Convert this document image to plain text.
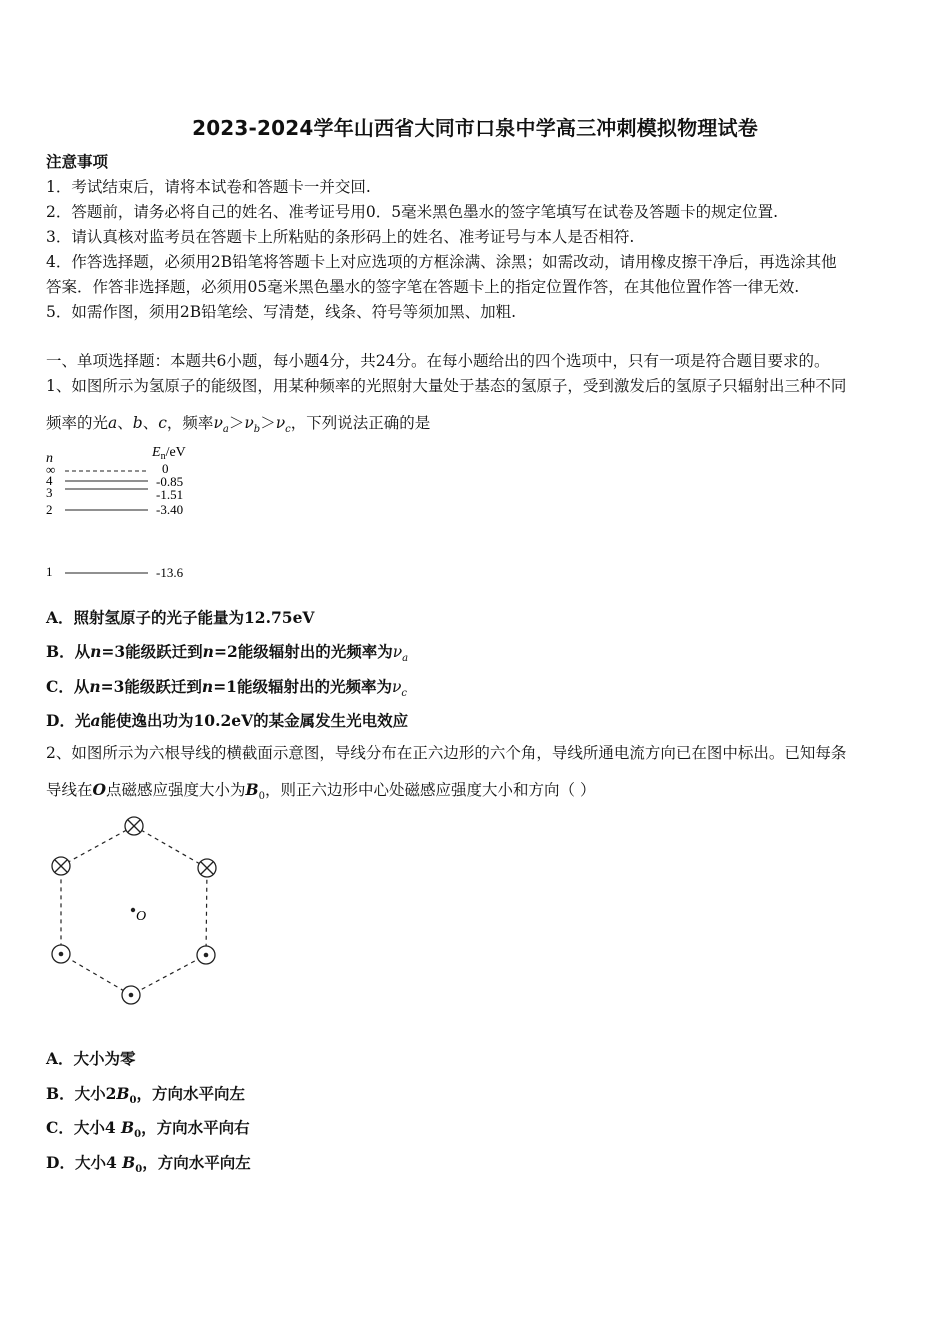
2023-2024学年山西省大同市口泉中学高三冲刺模拟物理试卷
注意事项
1．考试结束后，请将本试卷和答题卡一并交回.
2．答题前，请务必将自己的姓名、准考证号用0．5毫米黑色墨水的签字笔填写在试卷及答题卡的规定位置.
3．请认真核对监考员在答题卡上所粘贴的条形码上的姓名、准考证号与本人是否相符.
4．作答选择题，必须用2B铅笔将答题卡上对应选项的方框涂满、涂黑；如需改动，请用橡皮擦干净后，再选涂其他
答案．作答非选择题，必须用05毫米黑色墨水的签字笔在答题卡上的指定位置作答，在其他位置作答一律无效.
5．如需作图，须用2B铅笔绘、写清楚，线条、符号等须加黑、加粗.
一、单项选择题：本题共6小题，每小题4分，共24分。在每小题给出的四个选项中，只有一项是符合题目要求的。
1、如图所示为氢原子的能级图，用某种频率的光照射大量处于基态的氢原子，受到激发后的氢原子只辐射出三种不同
频率的光a、b、c，频率$\nu_a>\nu_b>\nu_c$，下列说法正确的是
n	$E_n/eV$
∞	0
4	-0.85
3	-1.51
2	-3.40
1	-13.6
A．照射氢原子的光子能量为12.75eV
B．从n=3能级跃迁到n=2能级辐射出的光频率为$\nu_a$
C．从n=3能级跃迁到n=1能级辐射出的光频率为$\nu_c$
D．光a能使逸出功为10.2eV的某金属发生光电效应
2、如图所示为六根导线的横截面示意图，导线分布在正六边形的六个角，导线所通电流方向已在图中标出。已知每条
导线在O点磁感应强度大小为$B_0$，则正六边形中心处磁感应强度大小和方向（ ）
O
A．大小为零
B．大小$2B_0$，方向水平向左
C．大小4 $B_0$，方向水平向右
D．大小4 $B_0$，方向水平向左
